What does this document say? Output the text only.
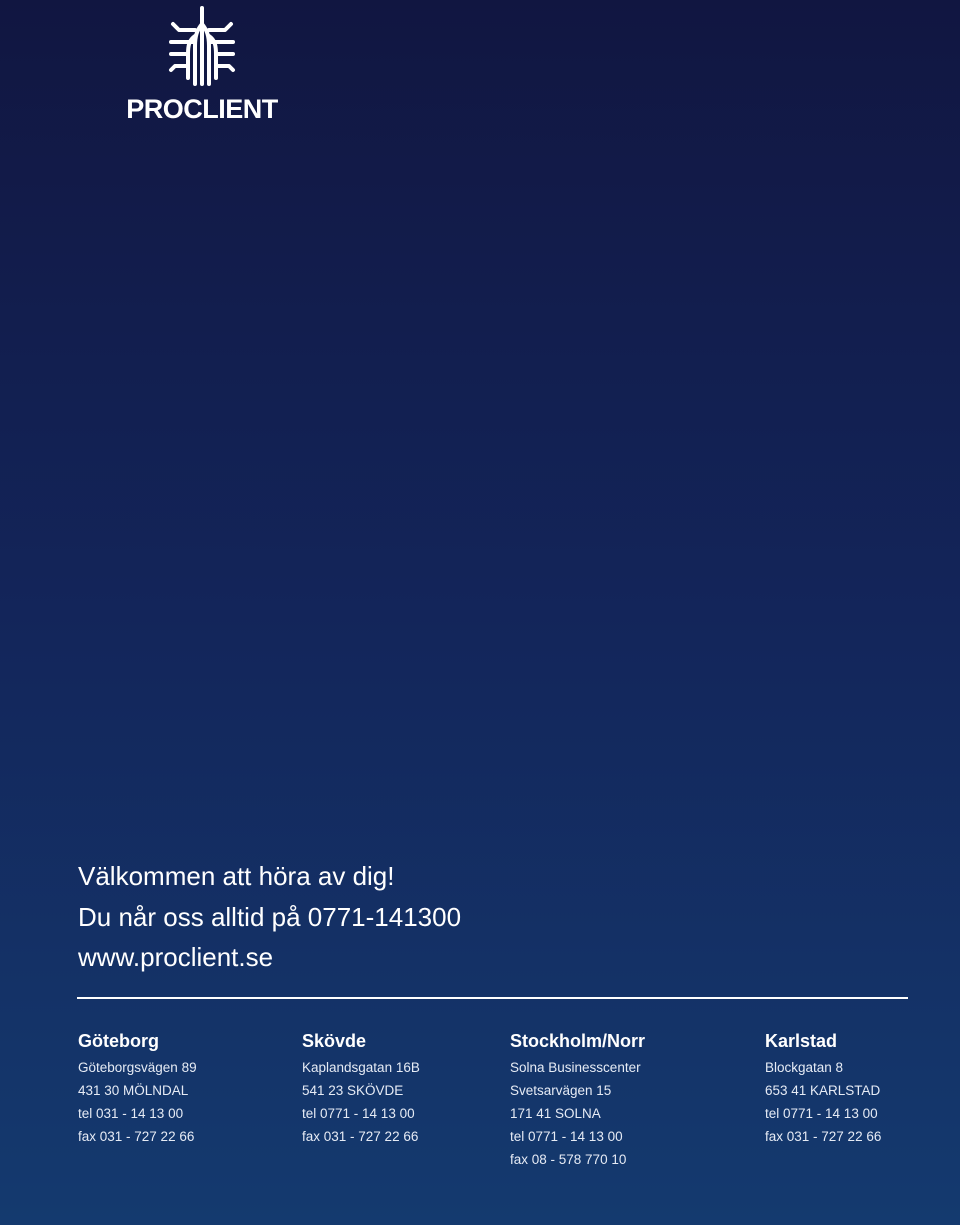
PROCLIENT
Välkommen att höra av dig!
Du når oss alltid på 0771-141300
www.proclient.se
Göteborg
Göteborgsvägen 89
431 30 MÖLNDAL
tel 031 - 14 13 00
fax 031 - 727 22 66
Skövde
Kaplandsgatan 16B
541 23 SKÖVDE
tel 0771 - 14 13 00
fax 031 - 727 22 66
Stockholm/Norr
Solna Businesscenter
Svetsarvägen 15
171 41 SOLNA
tel 0771 - 14 13 00
fax 08 - 578 770 10
Karlstad
Blockgatan 8
653 41 KARLSTAD
tel 0771 - 14 13 00
fax 031 - 727 22 66
